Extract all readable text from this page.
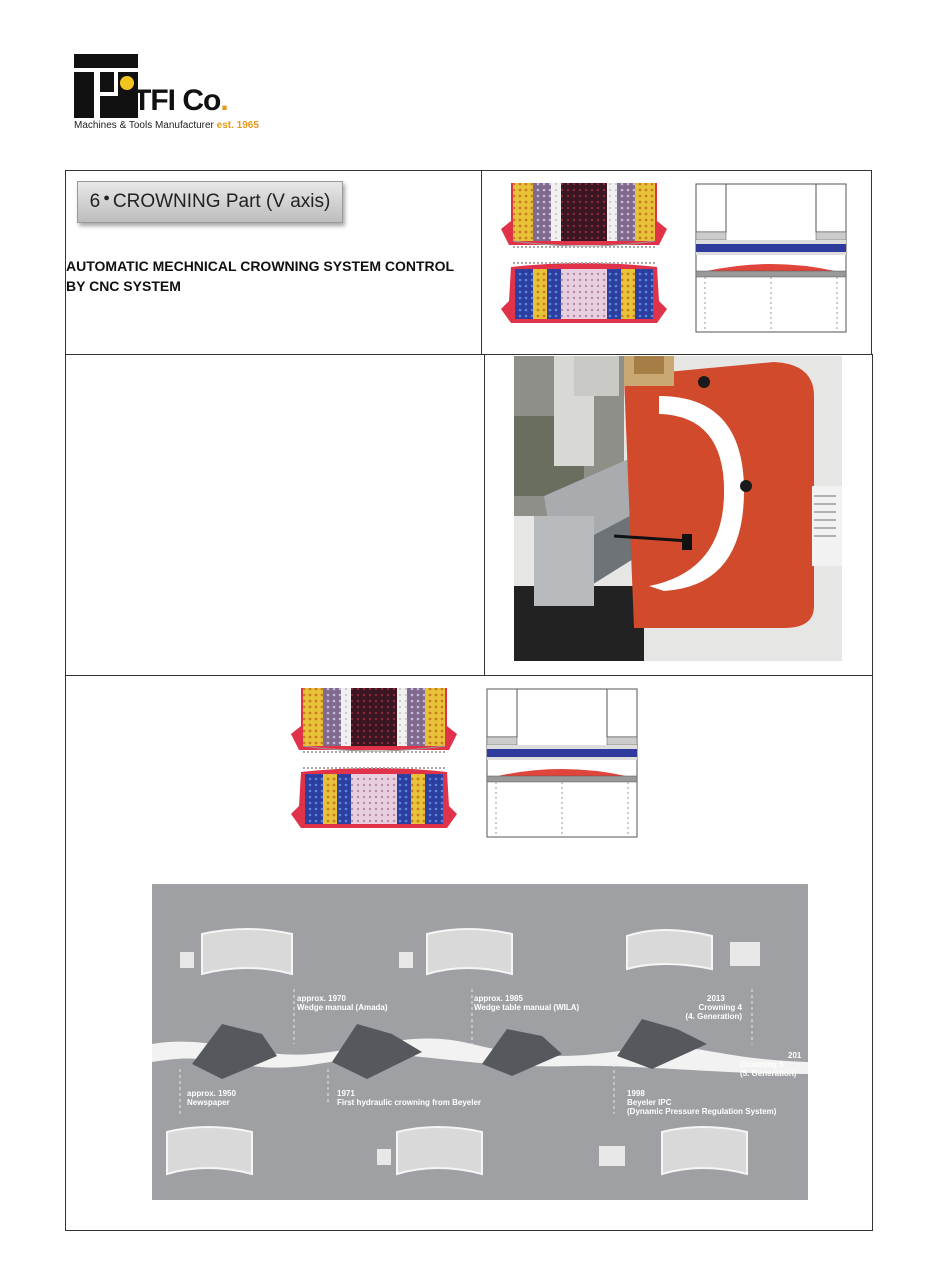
TFI Co.
Machines & Tools Manufacturer est. 1965
6 ● CROWNING Part (V axis)
AUTOMATIC MECHNICAL CROWNING SYSTEM CONTROL BY CNC SYSTEM
approx. 1950
Newspaper
approx. 1970
Wedge manual (Amada)
1971
First hydraulic crowning from Beyeler
approx. 1985
Wedge table manual (WILA)
1998
Beyeler IPC
(Dynamic Pressure Regulation System)
2013
Crowning 4
(4. Generation)
201
Crowning 5
(5. Generation)
